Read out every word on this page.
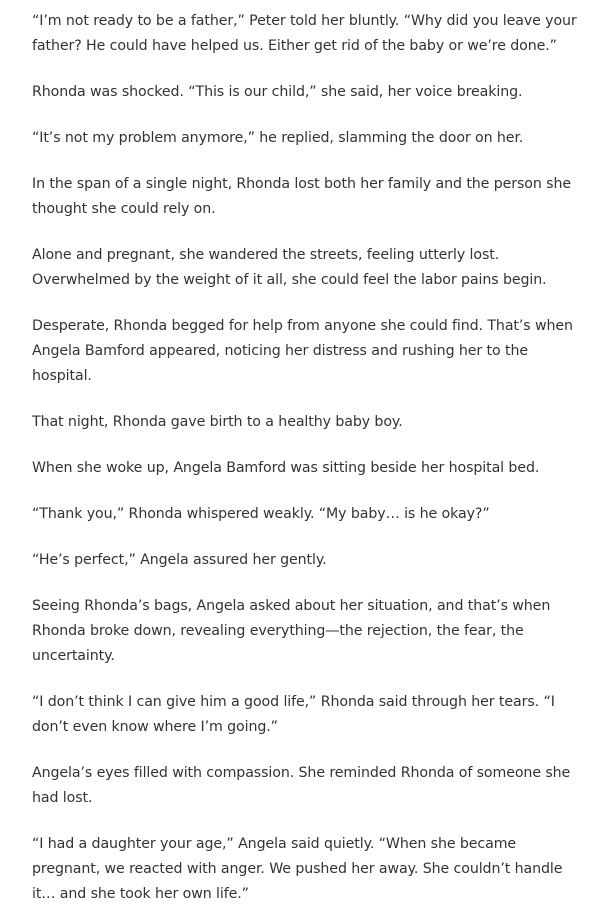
“I’m not ready to be a father,” Peter told her bluntly. “Why did you leave your father? He could have helped us. Either get rid of the baby or we’re done.”

Rhonda was shocked. “This is our child,” she said, her voice breaking.

“It’s not my problem anymore,” he replied, slamming the door on her.

In the span of a single night, Rhonda lost both her family and the person she thought she could rely on.

Alone and pregnant, she wandered the streets, feeling utterly lost. Overwhelmed by the weight of it all, she could feel the labor pains begin.

Desperate, Rhonda begged for help from anyone she could find. That’s when Angela Bamford appeared, noticing her distress and rushing her to the hospital.

That night, Rhonda gave birth to a healthy baby boy.

When she woke up, Angela Bamford was sitting beside her hospital bed.

“Thank you,” Rhonda whispered weakly. “My baby… is he okay?”

“He’s perfect,” Angela assured her gently.

Seeing Rhonda’s bags, Angela asked about her situation, and that’s when Rhonda broke down, revealing everything—the rejection, the fear, the uncertainty.

“I don’t think I can give him a good life,” Rhonda said through her tears. “I don’t even know where I’m going.”

Angela’s eyes filled with compassion. She reminded Rhonda of someone she had lost.

“I had a daughter your age,” Angela said quietly. “When she became pregnant, we reacted with anger. We pushed her away. She couldn’t handle it… and she took her own life.”
